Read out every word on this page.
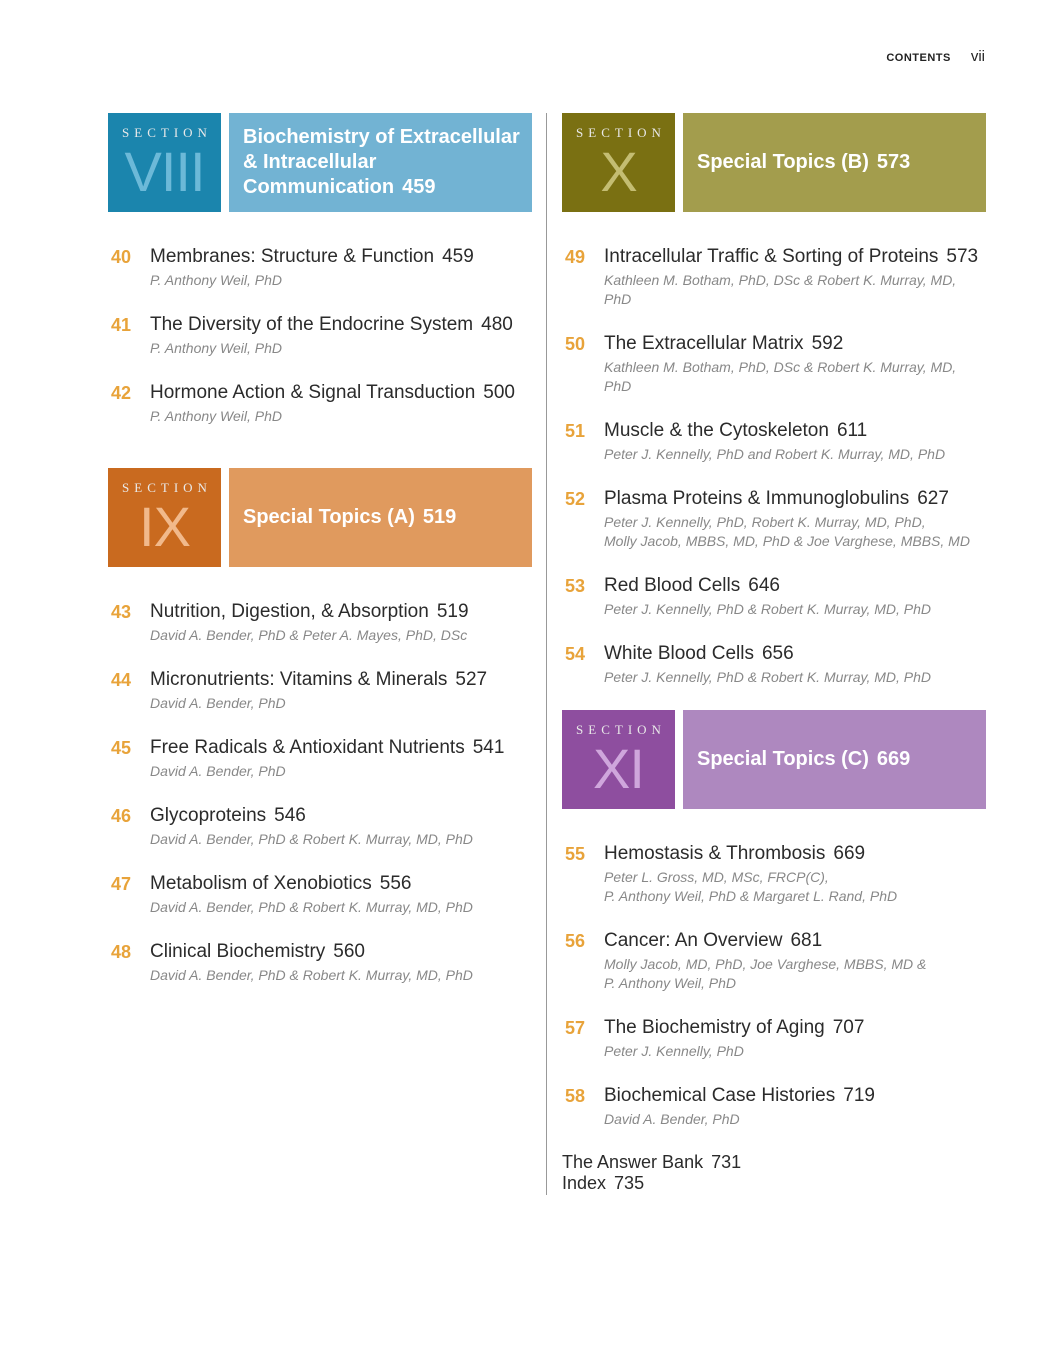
CONTENTS vii
SECTION
VIII
Biochemistry of Extracellular & Intracellular Communication 459
40 Membranes: Structure & Function 459
P. Anthony Weil, PhD
41 The Diversity of the Endocrine System 480
P. Anthony Weil, PhD
42 Hormone Action & Signal Transduction 500
P. Anthony Weil, PhD
SECTION
IX	Special Topics (A) 519
43 Nutrition, Digestion, & Absorption 519
David A. Bender, PhD & Peter A. Mayes, PhD, DSc
44 Micronutrients: Vitamins & Minerals 527
David A. Bender, PhD
45 Free Radicals & Antioxidant Nutrients 541
David A. Bender, PhD
46 Glycoproteins 546
David A. Bender, PhD & Robert K. Murray, MD, PhD
47 Metabolism of Xenobiotics 556
David A. Bender, PhD & Robert K. Murray, MD, PhD
48 Clinical Biochemistry 560
David A. Bender, PhD & Robert K. Murray, MD, PhD
SECTION
X	Special Topics (B) 573
49 Intracellular Traffic & Sorting of Proteins 573
Kathleen M. Botham, PhD, DSc & Robert K. Murray, MD, PhD
50 The Extracellular Matrix 592
Kathleen M. Botham, PhD, DSc & Robert K. Murray, MD, PhD
51 Muscle & the Cytoskeleton 611
Peter J. Kennelly, PhD and Robert K. Murray, MD, PhD
52 Plasma Proteins & Immunoglobulins 627
Peter J. Kennelly, PhD, Robert K. Murray, MD, PhD,
Molly Jacob, MBBS, MD, PhD & Joe Varghese, MBBS, MD
53 Red Blood Cells 646
Peter J. Kennelly, PhD & Robert K. Murray, MD, PhD
54 White Blood Cells 656
Peter J. Kennelly, PhD & Robert K. Murray, MD, PhD
SECTION
XI	Special Topics (C) 669
55 Hemostasis & Thrombosis 669
Peter L. Gross, MD, MSc, FRCP(C),
P. Anthony Weil, PhD & Margaret L. Rand, PhD
56 Cancer: An Overview 681
Molly Jacob, MD, PhD, Joe Varghese, MBBS, MD &
P. Anthony Weil, PhD
57 The Biochemistry of Aging 707
Peter J. Kennelly, PhD
58 Biochemical Case Histories 719
David A. Bender, PhD
The Answer Bank 731
Index 735
